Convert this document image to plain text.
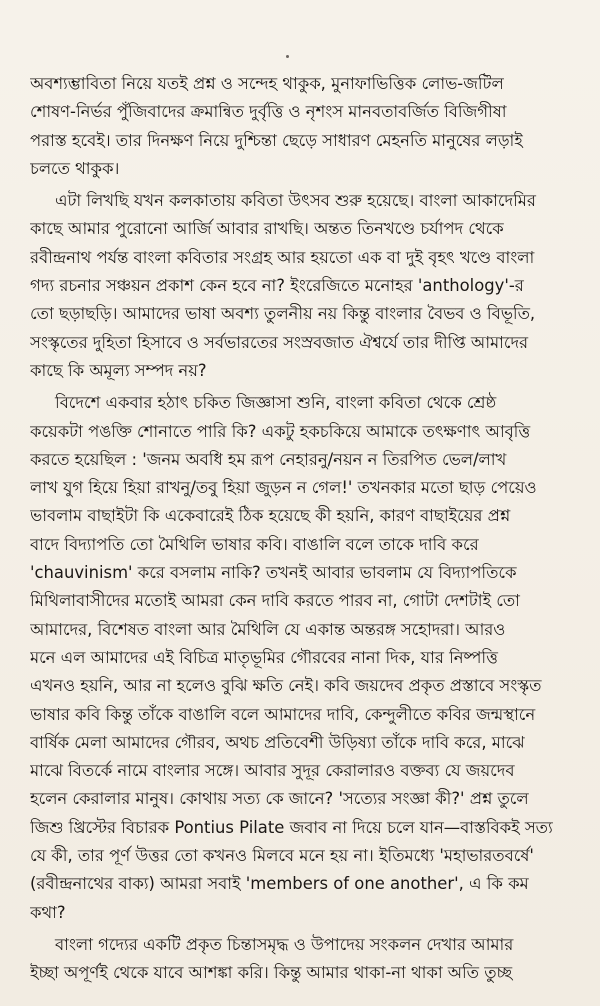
অবশ্যম্ভাবিতা নিয়ে যতই প্রশ্ন ও সন্দেহ থাকুক, মুনাফাভিত্তিক লোভ-জটিল
শোষণ-নির্ভর পুঁজিবাদের ক্রমান্বিত দুর্বৃত্তি ও নৃশংস মানবতাবর্জিত বিজিগীষা
পরাস্ত হবেই। তার দিনক্ষণ নিয়ে দুশ্চিন্তা ছেড়ে সাধারণ মেহনতি মানুষের লড়াই
চলতে থাকুক।

এটা লিখছি যখন কলকাতায় কবিতা উৎসব শুরু হয়েছে। বাংলা আকাদেমির
কাছে আমার পুরোনো আর্জি আবার রাখছি। অন্তত তিনখণ্ডে চর্যাপদ থেকে
রবীন্দ্রনাথ পর্যন্ত বাংলা কবিতার সংগ্রহ আর হয়তো এক বা দুই বৃহৎ খণ্ডে বাংলা
গদ্য রচনার সঞ্চয়ন প্রকাশ কেন হবে না? ইংরেজিতে মনোহর 'anthology'-র
তো ছড়াছড়ি। আমাদের ভাষা অবশ্য তুলনীয় নয় কিন্তু বাংলার বৈভব ও বিভূতি,
সংস্কৃতের দুহিতা হিসাবে ও সর্বভারতের সংস্রবজাত ঐশ্বর্যে তার দীপ্তি আমাদের
কাছে কি অমূল্য সম্পদ নয়?

বিদেশে একবার হঠাৎ চকিত জিজ্ঞাসা শুনি, বাংলা কবিতা থেকে শ্রেষ্ঠ
কয়েকটা পঙক্তি শোনাতে পারি কি? একটু হকচকিয়ে আমাকে তৎক্ষণাৎ আবৃত্তি
করতে হয়েছিল : 'জনম অবধি হম রূপ নেহারনু/নয়ন ন তিরপিত ভেল/লাখ
লাখ যুগ হিয়ে হিয়া রাখনু/তবু হিয়া জুড়ন ন গেল!' তখনকার মতো ছাড় পেয়েও
ভাবলাম বাছাইটা কি একেবারেই ঠিক হয়েছে কী হয়নি, কারণ বাছাইয়ের প্রশ্ন
বাদে বিদ্যাপতি তো মৈথিলি ভাষার কবি। বাঙালি বলে তাকে দাবি করে
'chauvinism' করে বসলাম নাকি? তখনই আবার ভাবলাম যে বিদ্যাপতিকে
মিথিলাবাসীদের মতোই আমরা কেন দাবি করতে পারব না, গোটা দেশটাই তো
আমাদের, বিশেষত বাংলা আর মৈথিলি যে একান্ত অন্তরঙ্গ সহোদরা। আরও
মনে এল আমাদের এই বিচিত্র মাতৃভূমির গৌরবের নানা দিক, যার নিষ্পত্তি
এখনও হয়নি, আর না হলেও বুঝি ক্ষতি নেই। কবি জয়দেব প্রকৃত প্রস্তাবে সংস্কৃত
ভাষার কবি কিন্তু তাঁকে বাঙালি বলে আমাদের দাবি, কেন্দুলীতে কবির জন্মস্থানে
বার্ষিক মেলা আমাদের গৌরব, অথচ প্রতিবেশী উড়িষ্যা তাঁকে দাবি করে, মাঝে
মাঝে বিতর্কে নামে বাংলার সঙ্গে। আবার সুদূর কেরালারও বক্তব্য যে জয়দেব
হলেন কেরালার মানুষ। কোথায় সত্য কে জানে? 'সত্যের সংজ্ঞা কী?' প্রশ্ন তুলে
জিশু খ্রিস্টের বিচারক Pontius Pilate জবাব না দিয়ে চলে যান—বাস্তবিকই সত্য
যে কী, তার পূর্ণ উত্তর তো কখনও মিলবে মনে হয় না। ইতিমধ্যে 'মহাভারতবর্ষে'
(রবীন্দ্রনাথের বাক্য) আমরা সবাই 'members of one another', এ কি কম
কথা?

বাংলা গদ্যের একটি প্রকৃত চিন্তাসমৃদ্ধ ও উপাদেয় সংকলন দেখার আমার
ইচ্ছা অপূর্ণই থেকে যাবে আশঙ্কা করি। কিন্তু আমার থাকা-না থাকা অতি তুচ্ছ
